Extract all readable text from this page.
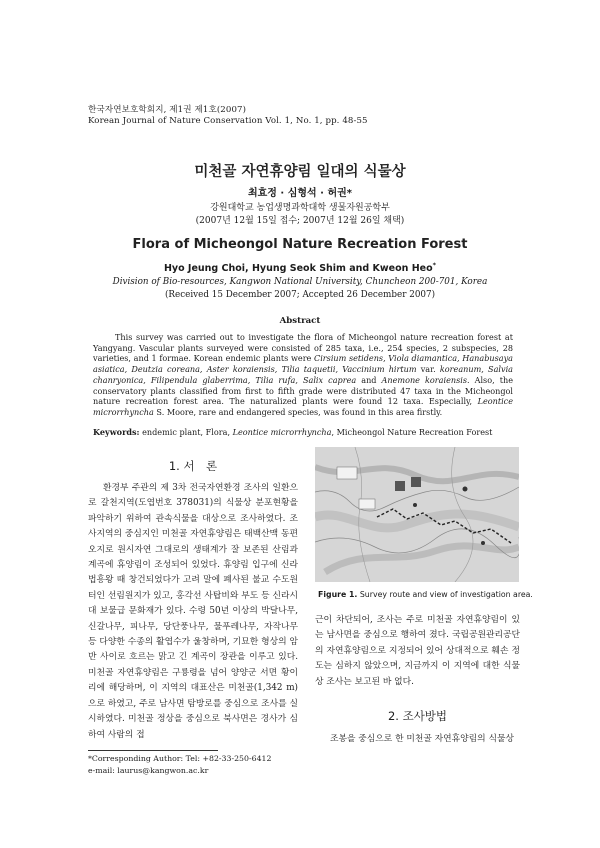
한국자연보호학회지, 제1권 제1호(2007)
Korean Journal of Nature Conservation Vol. 1, No. 1, pp. 48-55
미천골 자연휴양림 일대의 식물상
최효정 · 심형석 · 허권*
강원대학교 농업생명과학대학 생물자원공학부
(2007년 12월 15일 접수; 2007년 12월 26일 채택)
Flora of Micheongol Nature Recreation Forest
Hyo Jeung Choi, Hyung Seok Shim and Kweon Heo*
Division of Bio-resources, Kangwon National University, Chuncheon 200-701, Korea
(Received 15 December 2007; Accepted 26 December 2007)
Abstract

This survey was carried out to investigate the flora of Micheongol nature recreation forest at Yangyang. Vascular plants surveyed were consisted of 285 taxa, i.e., 254 species, 2 subspecies, 28 varieties, and 1 formae. Korean endemic plants were Cirsium setidens, Viola diamantica, Hanabusaya asiatica, Deutzia coreana, Aster koraiensis, Tilia taquetii, Vaccinium hirtum var. koreanum, Salvia chanryonica, Filipendula glaberrima, Tilia rufa, Salix caprea and Anemone koraiensis. Also, the conservatory plants classified from first to fifth grade were distributed 47 taxa in the Micheongol nature recreation forest area. The naturalized plants were found 12 taxa. Especially, Leontice microrrhyncha S. Moore, rare and endangered species, was found in this area firstly.

Keywords: endemic plant, Flora, Leontice microrrhyncha, Micheongol Nature Recreation Forest
1. 서　론

환경부 주관의 제 3차 전국자연환경 조사의 일환으로 갈천지역(도엽번호 378031)의 식물상 분포현황을 파악하기 위하여 관속식물을 대상으로 조사하였다. 조사지역의 중심지인 미천골 자연휴양림은 태백산맥 동편 오지로 원시자연 그대로의 생태계가 잘 보존된 산림과 계곡에 휴양림이 조성되어 있었다. 휴양림 입구에 신라 법흥왕 때 창건되었다가 고려 말에 폐사된 불교 수도원 터인 선림원지가 있고, 홍각선 사탑비와 부도 등 신라시대 보물급 문화재가 있다. 수령 50년 이상의 박달나무, 신갈나무, 피나무, 당단풍나무, 물푸레나무, 자작나무 등 다양한 수종의 활엽수가 울창하며, 기묘한 형상의 암반 사이로 흐르는 맑고 긴 계곡이 장관을 이루고 있다. 미천골 자연휴양림은 구룡령을 넘어 양양군 서면 황이리에 해당하며, 이 지역의 대표산은 미천골(1,342 m)으로 하였고, 주로 남사면 탐방로를 중심으로 조사를 실시하였다. 미천골 정상을 중심으로 북사면은 경사가 심하여 사람의 접

Figure 1. Survey route and view of investigation area.

근이 차단되어, 조사는 주로 미천골 자연휴양림이 있는 남사면을 중심으로 행하여 졌다. 국립공원관리공단의 자연휴양림으로 지정되어 있어 상대적으로 훼손 정도는 심하지 않았으며, 지금까지 이 지역에 대한 식물상 조사는 보고된 바 없다.

2. 조사방법

조봉을 중심으로 한 미천골 자연휴양림의 식물상

*Corresponding Author: Tel: +82-33-250-6412
e-mail: laurus@kangwon.ac.kr
